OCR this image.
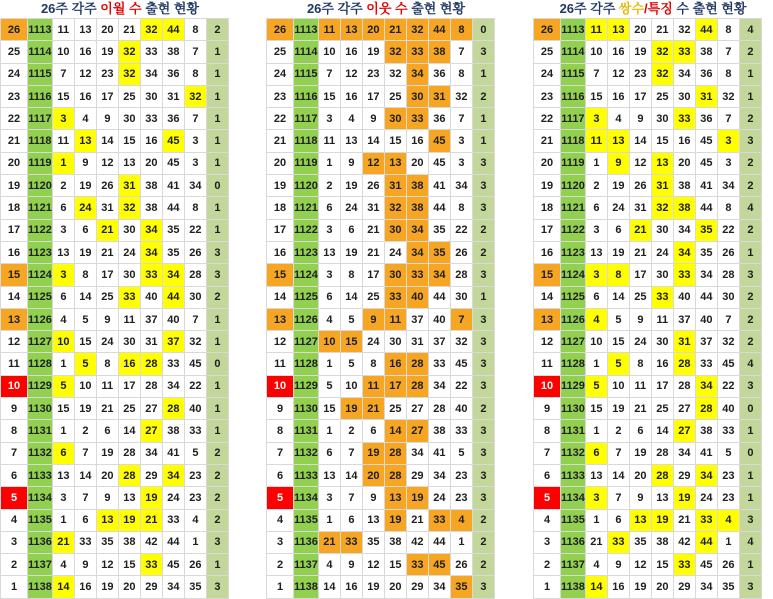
26주 각주 이월 수 출현 현황
26	1113	11	13	20	21	32	44	8	2
25	1114	10	16	19	32	33	38	7	1
24	1115	7	12	23	32	34	36	8	1
23	1116	15	16	17	25	30	31	32	1
22	1117	3	4	9	30	33	36	7	1
21	1118	11	13	14	15	16	45	3	1
20	1119	1	9	12	13	20	45	3	1
19	1120	2	19	26	31	38	41	34	0
18	1121	6	24	31	32	38	44	8	1
17	1122	3	6	21	30	34	35	22	1
16	1123	13	19	21	24	34	35	26	3
15	1124	3	8	17	30	33	34	28	3
14	1125	6	14	25	33	40	44	30	2
13	1126	4	5	9	11	37	40	7	1
12	1127	10	15	24	30	31	37	32	1
11	1128	1	5	8	16	28	33	45	0
10	1129	5	10	11	17	28	34	22	1
9	1130	15	19	21	25	27	28	40	1
8	1131	1	2	6	14	27	38	33	1
7	1132	6	7	19	28	34	41	5	2
6	1133	13	14	20	28	29	34	23	2
5	1134	3	7	9	13	19	24	23	2
4	1135	1	6	13	19	21	33	4	2
3	1136	21	33	35	38	42	44	1	3
2	1137	4	9	12	15	33	45	26	1
1	1138	14	16	19	20	29	34	35	3
26주 각주 이웃 수 출현 현황
26	1113	11	13	20	21	32	44	8	0
25	1114	10	16	19	32	33	38	7	3
24	1115	7	12	23	32	34	36	8	1
23	1116	15	16	17	25	30	31	32	2
22	1117	3	4	9	30	33	36	7	1
21	1118	11	13	14	15	16	45	3	1
20	1119	1	9	12	13	20	45	3	3
19	1120	2	19	26	31	38	41	34	3
18	1121	6	24	31	32	38	44	8	3
17	1122	3	6	21	30	34	35	22	2
16	1123	13	19	21	24	34	35	26	2
15	1124	3	8	17	30	33	34	28	3
14	1125	6	14	25	33	40	44	30	1
13	1126	4	5	9	11	37	40	7	3
12	1127	10	15	24	30	31	37	32	3
11	1128	1	5	8	16	28	33	45	3
10	1129	5	10	11	17	28	34	22	3
9	1130	15	19	21	25	27	28	40	2
8	1131	1	2	6	14	27	38	33	3
7	1132	6	7	19	28	34	41	5	3
6	1133	13	14	20	28	29	34	23	3
5	1134	3	7	9	13	19	24	23	3
4	1135	1	6	13	19	21	33	4	2
3	1136	21	33	35	38	42	44	1	2
2	1137	4	9	12	15	33	45	26	2
1	1138	14	16	19	20	29	34	35	3
26주 각주 쌍수/특징 수 출현 현황
26	1113	11	13	20	21	32	44	8	4
25	1114	10	16	19	32	33	38	7	2
24	1115	7	12	23	32	34	36	8	1
23	1116	15	16	17	25	30	31	32	1
22	1117	3	4	9	30	33	36	7	2
21	1118	11	13	14	15	16	45	3	3
20	1119	1	9	12	13	20	45	3	2
19	1120	2	19	26	31	38	41	34	2
18	1121	6	24	31	32	38	44	8	4
17	1122	3	6	21	30	34	35	22	2
16	1123	13	19	21	24	34	35	26	1
15	1124	3	8	17	30	33	34	28	3
14	1125	6	14	25	33	40	44	30	2
13	1126	4	5	9	11	37	40	7	2
12	1127	10	15	24	30	31	37	32	2
11	1128	1	5	8	16	28	33	45	4
10	1129	5	10	11	17	28	34	22	3
9	1130	15	19	21	25	27	28	40	0
8	1131	1	2	6	14	27	38	33	1
7	1132	6	7	19	28	34	41	5	0
6	1133	13	14	20	28	29	34	23	1
5	1134	3	7	9	13	19	24	23	1
4	1135	1	6	13	19	21	33	4	3
3	1136	21	33	35	38	42	44	1	4
2	1137	4	9	12	15	33	45	26	1
1	1138	14	16	19	20	29	34	35	3
